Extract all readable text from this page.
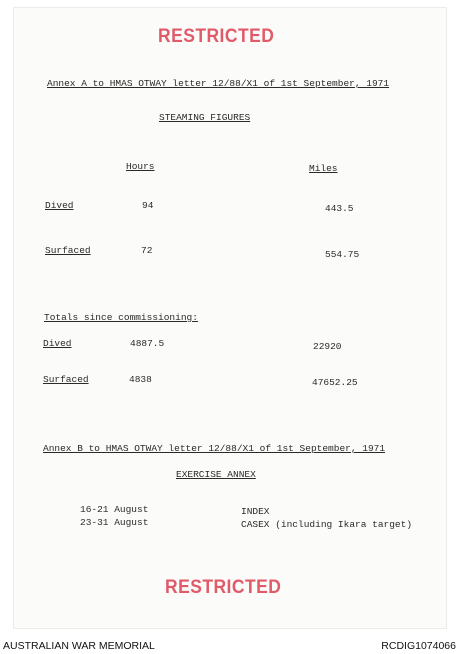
RESTRICTED
Annex A to HMAS OTWAY letter 12/88/X1 of 1st September, 1971
STEAMING FIGURES
Hours	Miles
Dived	94	443.5
Surfaced	72	554.75
Totals since commissioning:
Dived	4887.5	22920
Surfaced	4838	47652.25
Annex B to HMAS OTWAY letter 12/88/X1 of 1st September, 1971
EXERCISE ANNEX
16-21 August	INDEX
23-31 August	CASEX (including Ikara target)
RESTRICTED
AUSTRALIAN WAR MEMORIAL	RCDIG1074066
